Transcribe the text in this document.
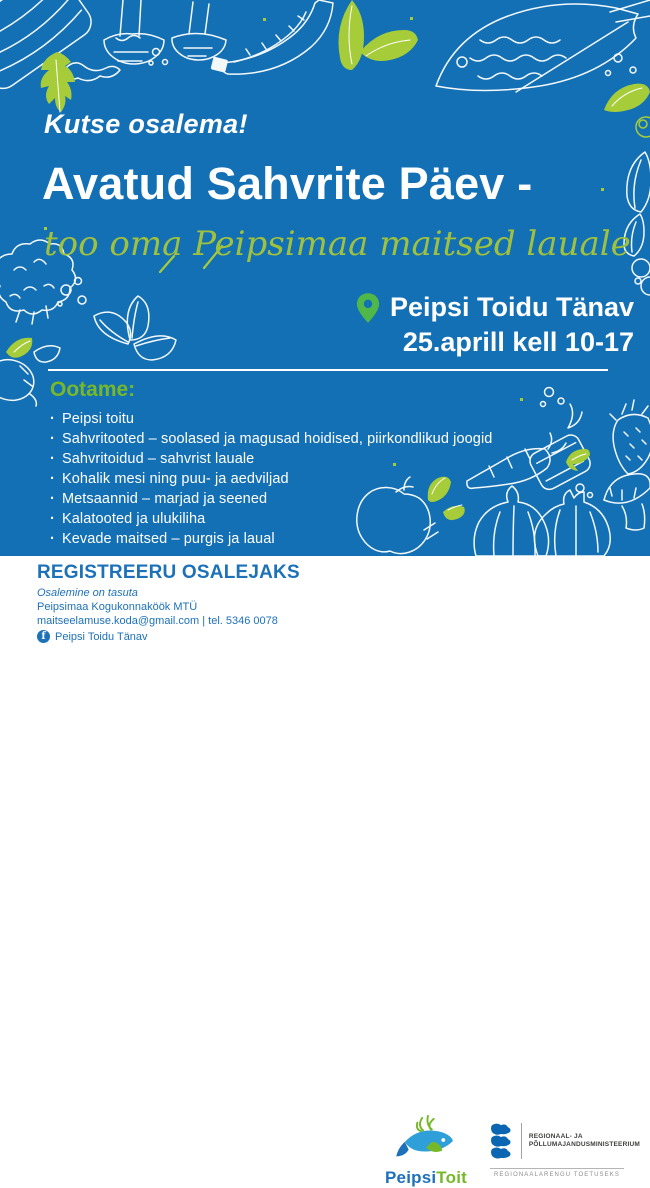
Kutse osalema!
Avatud Sahvrite Päev -
too oma Peipsimaa maitsed lauale
Peipsi Toidu Tänav
25.aprill kell 10-17
Ootame:
· Peipsi toitu
· Sahvritooted – soolased ja magusad hoidised, piirkondlikud joogid
· Sahvritoidud – sahvrist lauale
· Kohalik mesi ning puu- ja aedviljad
· Metsaannid – marjad ja seened
· Kalatooted ja ulukiliha
· Kevade maitsed – purgis ja laual
REGISTREERU OSALEJAKS
Osalemine on tasuta
Peipsimaa Kogukonnaköök MTÜ
maitseelamuse.koda@gmail.com | tel. 5346 0078
f Peipsi Toidu Tänav
PeipsiToit
REGIONAAL- JA
PÕLLUMAJANDUSMINISTEERIUM
REGIONAALARENGU TOETUSEKS
